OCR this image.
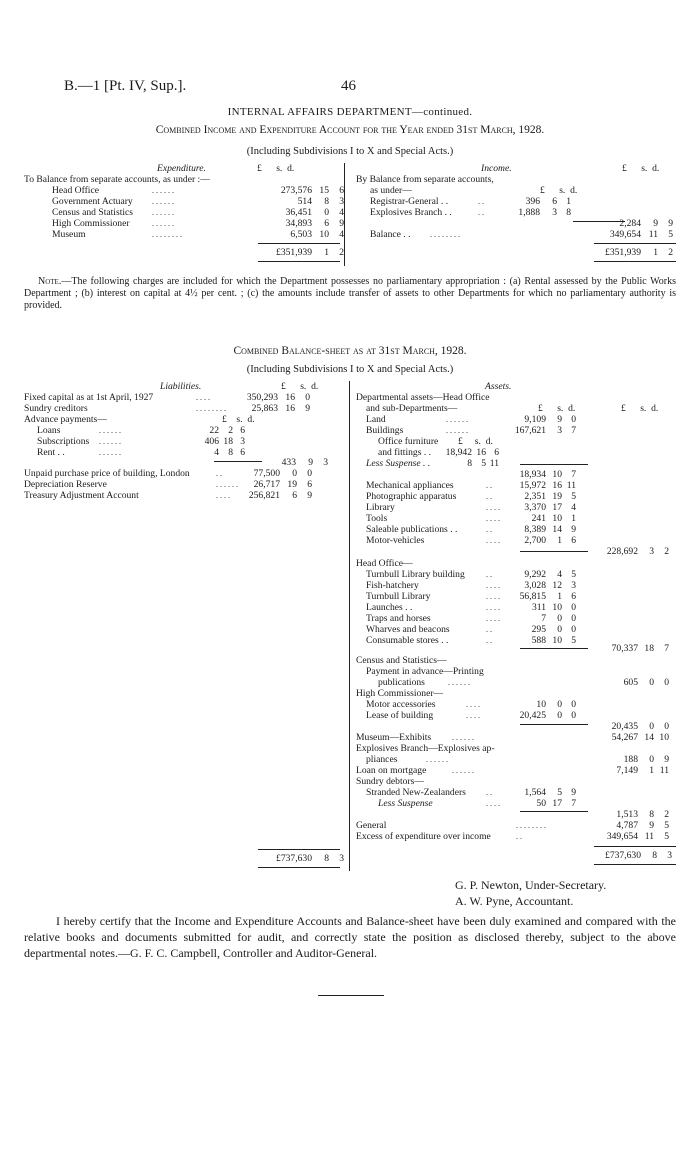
B.—1 [Pt. IV, Sup.].	46
INTERNAL AFFAIRS DEPARTMENT—continued.
Combined Income and Expenditure Account for the Year ended 31st March, 1928.
(Including Subdivisions I to X and Special Acts.)
Expenditure.	£ s. d.
To Balance from separate accounts, as under :—
Head Office	. . . . . .	273,576	15	6
Government Actuary	. . . . . .	514	8	3
Census and Statistics	. . . . . .	36,451	0	4
High Commissioner	. . . . . .	34,893	6	9
Museum	. . . . . . . .	6,503	10	4
£351,939	1	2
Income.	£ s. d.
By Balance from separate accounts,
as under—	£ s. d.
Registrar-General . .	. .	396	6	1
Explosives Branch . .	. .	1,888	3	8
2,284	9	9
Balance . .	. . . . . . . .	349,654	11	5
£351,939	1	2
Note.—The following charges are included for which the Department possesses no parliamentary appropriation : (a) Rental assessed by the Public Works Department ; (b) interest on capital at 4½ per cent. ; (c) the amounts include transfer of assets to other Departments for which no parliamentary authority is provided.
Combined Balance-sheet as at 31st March, 1928.
(Including Subdivisions I to X and Special Acts.)
Liabilities.	£ s. d.
Fixed capital as at 1st April, 1927	. . . .	350,293	16	0
Sundry creditors	. . . . . . . .	25,863	16	9
Advance payments—	£ s. d.
Loans	. . . . . .	22	2	6
Subscriptions	. . . . . .	406	18	3
Rent . .	. . . . . .	4	8	6
433	9	3
Unpaid purchase price of building, London	. .	77,500	0	0
Depreciation Reserve	. . . . . .	26,717	19	6
Treasury Adjustment Account	. . . .	256,821	6	9
£737,630	8	3
Assets.
Departmental assets—Head Office
and sub-Departments—	£ s. d.	£ s. d.
Land	. . . . . .	9,109	9	0
Buildings	. . . . . .	167,621	3	7
Office furniture £ s. d.
and fittings . .	18,942	16	6
Less Suspense . .	8	5	11
18,934	10	7
Mechanical appliances	. .	15,972	16	11
Photographic apparatus	. .	2,351	19	5
Library	. . . .	3,370	17	4
Tools	. . . .	241	10	1
Saleable publications . .	. .	8,389	14	9
Motor-vehicles	. . . .	2,700	1	6
228,692	3	2
Head Office—
Turnbull Library building	. .	9,292	4	5
Fish-hatchery	. . . .	3,028	12	3
Turnbull Library	. . . .	56,815	1	6
Launches . .	. . . .	311	10	0
Traps and horses	. . . .	7	0	0
Wharves and beacons	. .	295	0	0
Consumable stores . .	. .	588	10	5
70,337	18	7
Census and Statistics—
Payment in advance—Printing
publications	. . . . . .	605	0	0
High Commissioner—
Motor accessories	. . . .	10	0	0
Lease of building	. . . .	20,425	0	0
20,435	0	0
Museum—Exhibits	. . . . . .	54,267	14	10
Explosives Branch—Explosives ap-
pliances	. . . . . .	188	0	9
Loan on mortgage	. . . . . .	7,149	1	11
Sundry debtors—
Stranded New-Zealanders	. .	1,564	5	9
Less Suspense	. . . .	50	17	7
1,513	8	2
General	. . . . . . . .	4,787	9	5
Excess of expenditure over income	. .	349,654	11	5
£737,630	8	3
G. P. Newton, Under-Secretary.
A. W. Pyne, Accountant.
I hereby certify that the Income and Expenditure Accounts and Balance-sheet have been duly examined and compared with the relative books and documents submitted for audit, and correctly state the position as disclosed thereby, subject to the above departmental notes.—G. F. C. Campbell, Controller and Auditor-General.
